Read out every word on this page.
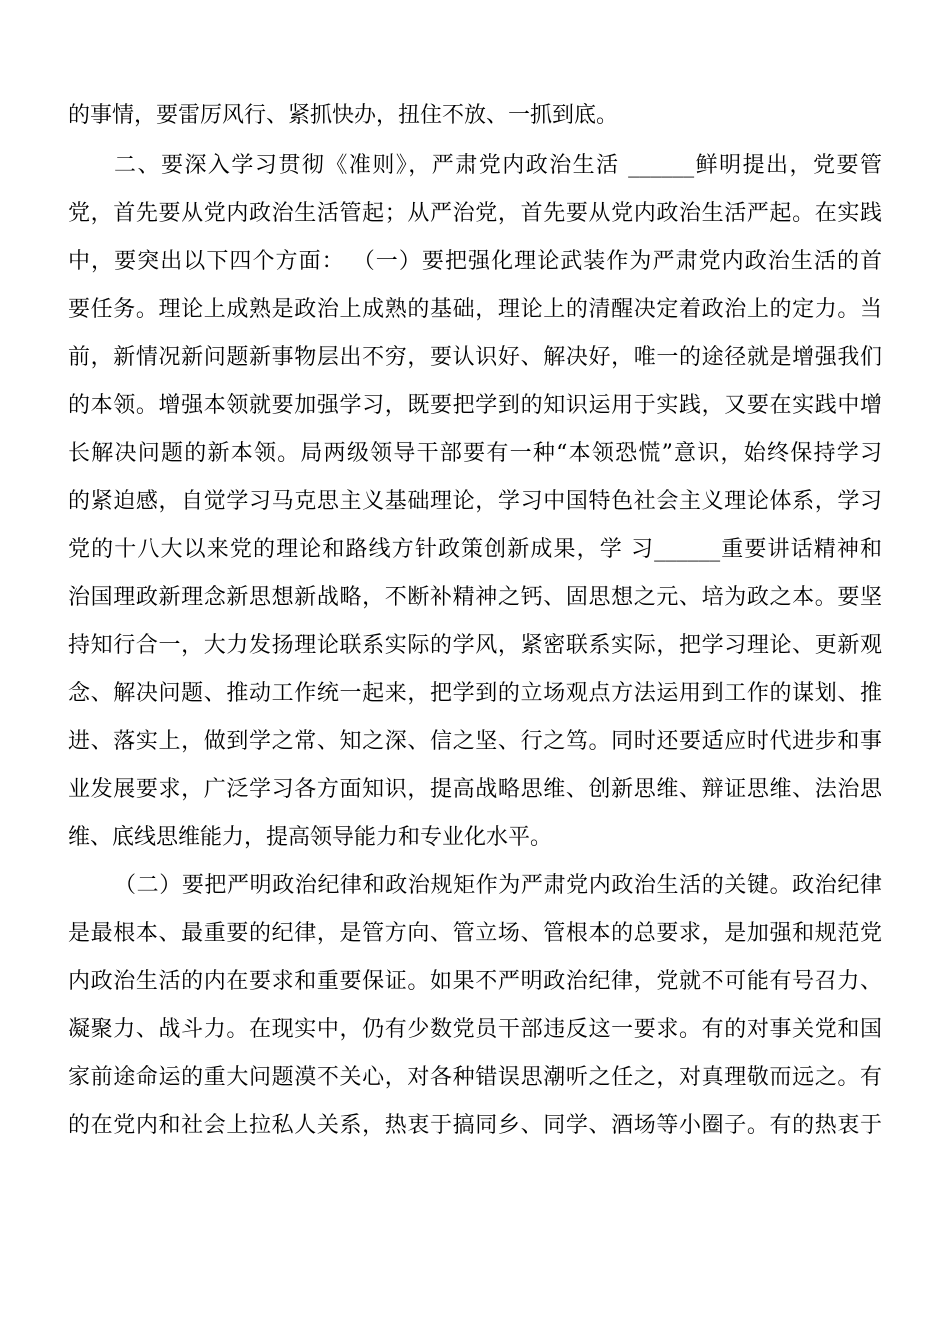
的事情，要雷厉风行、紧抓快办，扭住不放、一抓到底。
二、要深入学习贯彻《准则》，严肃党内政治生活 ______鲜明提出，党要管
党，首先要从党内政治生活管起；从严治党，首先要从党内政治生活严起。在实践
中，要突出以下四个方面： （一）要把强化理论武装作为严肃党内政治生活的首
要任务。理论上成熟是政治上成熟的基础，理论上的清醒决定着政治上的定力。当
前，新情况新问题新事物层出不穷，要认识好、解决好，唯一的途径就是增强我们
的本领。增强本领就要加强学习，既要把学到的知识运用于实践，又要在实践中增
长解决问题的新本领。局两级领导干部要有一种“本领恐慌”意识，始终保持学习
的紧迫感，自觉学习马克思主义基础理论，学习中国特色社会主义理论体系，学习
党的十八大以来党的理论和路线方针政策创新成果，学 习______重要讲话精神和
治国理政新理念新思想新战略，不断补精神之钙、固思想之元、培为政之本。要坚
持知行合一，大力发扬理论联系实际的学风，紧密联系实际，把学习理论、更新观
念、解决问题、推动工作统一起来，把学到的立场观点方法运用到工作的谋划、推
进、落实上，做到学之常、知之深、信之坚、行之笃。同时还要适应时代进步和事
业发展要求，广泛学习各方面知识，提高战略思维、创新思维、辩证思维、法治思
维、底线思维能力，提高领导能力和专业化水平。
（二）要把严明政治纪律和政治规矩作为严肃党内政治生活的关键。政治纪律
是最根本、最重要的纪律，是管方向、管立场、管根本的总要求，是加强和规范党
内政治生活的内在要求和重要保证。如果不严明政治纪律，党就不可能有号召力、
凝聚力、战斗力。在现实中，仍有少数党员干部违反这一要求。有的对事关党和国
家前途命运的重大问题漠不关心，对各种错误思潮听之任之，对真理敬而远之。有
的在党内和社会上拉私人关系，热衷于搞同乡、同学、酒场等小圈子。有的热衷于
